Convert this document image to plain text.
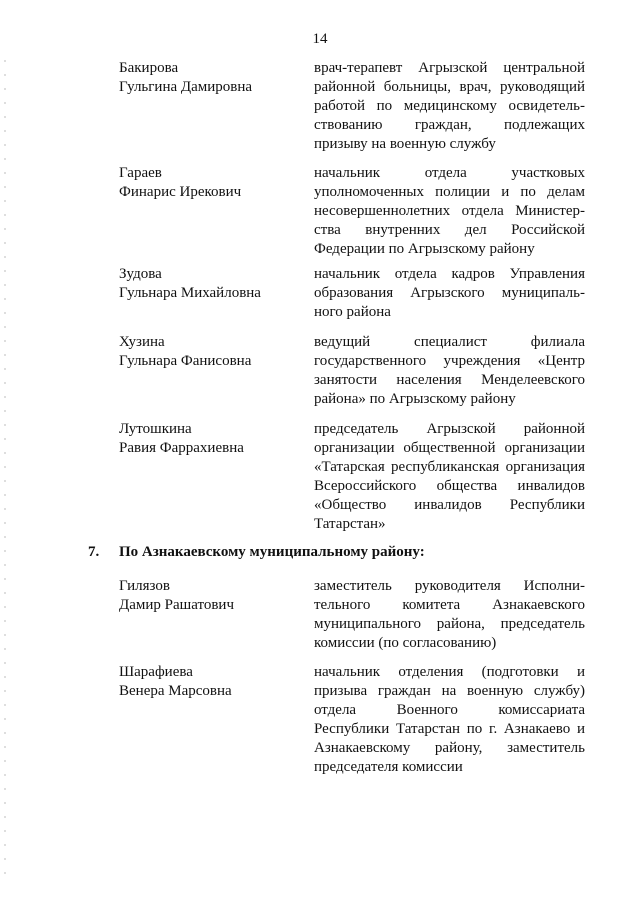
14
Бакирова
Гульгина Дамировна
врач-терапевт Агрызской центральной
районной больницы, врач, руководящий
работой по медицинскому освидетель-
ствованию граждан, подлежащих
призыву на военную службу
Гараев
Финарис Ирекович
начальник отдела участковых
уполномоченных полиции и по делам
несовершеннолетних отдела Министер-
ства внутренних дел Российской
Федерации по Агрызскому району
Зудова
Гульнара Михайловна
начальник отдела кадров Управления
образования Агрызского муниципаль-
ного района
Хузина
Гульнара Фанисовна
ведущий специалист филиала
государственного учреждения «Центр
занятости населения Менделеевского
района» по Агрызскому району
Лутошкина
Равия Фаррахиевна
председатель Агрызской районной
организации общественной организации
«Татарская республиканская организация
Всероссийского общества инвалидов
«Общество инвалидов Республики
Татарстан»
7. По Азнакаевскому муниципальному району:
Гилязов
Дамир Рашатович
заместитель руководителя Исполни-
тельного комитета Азнакаевского
муниципального района, председатель
комиссии (по согласованию)
Шарафиева
Венера Марсовна
начальник отделения (подготовки и
призыва граждан на военную службу)
отдела Военного комиссариата
Республики Татарстан по г. Азнакаево и
Азнакаевскому району, заместитель
председателя комиссии
